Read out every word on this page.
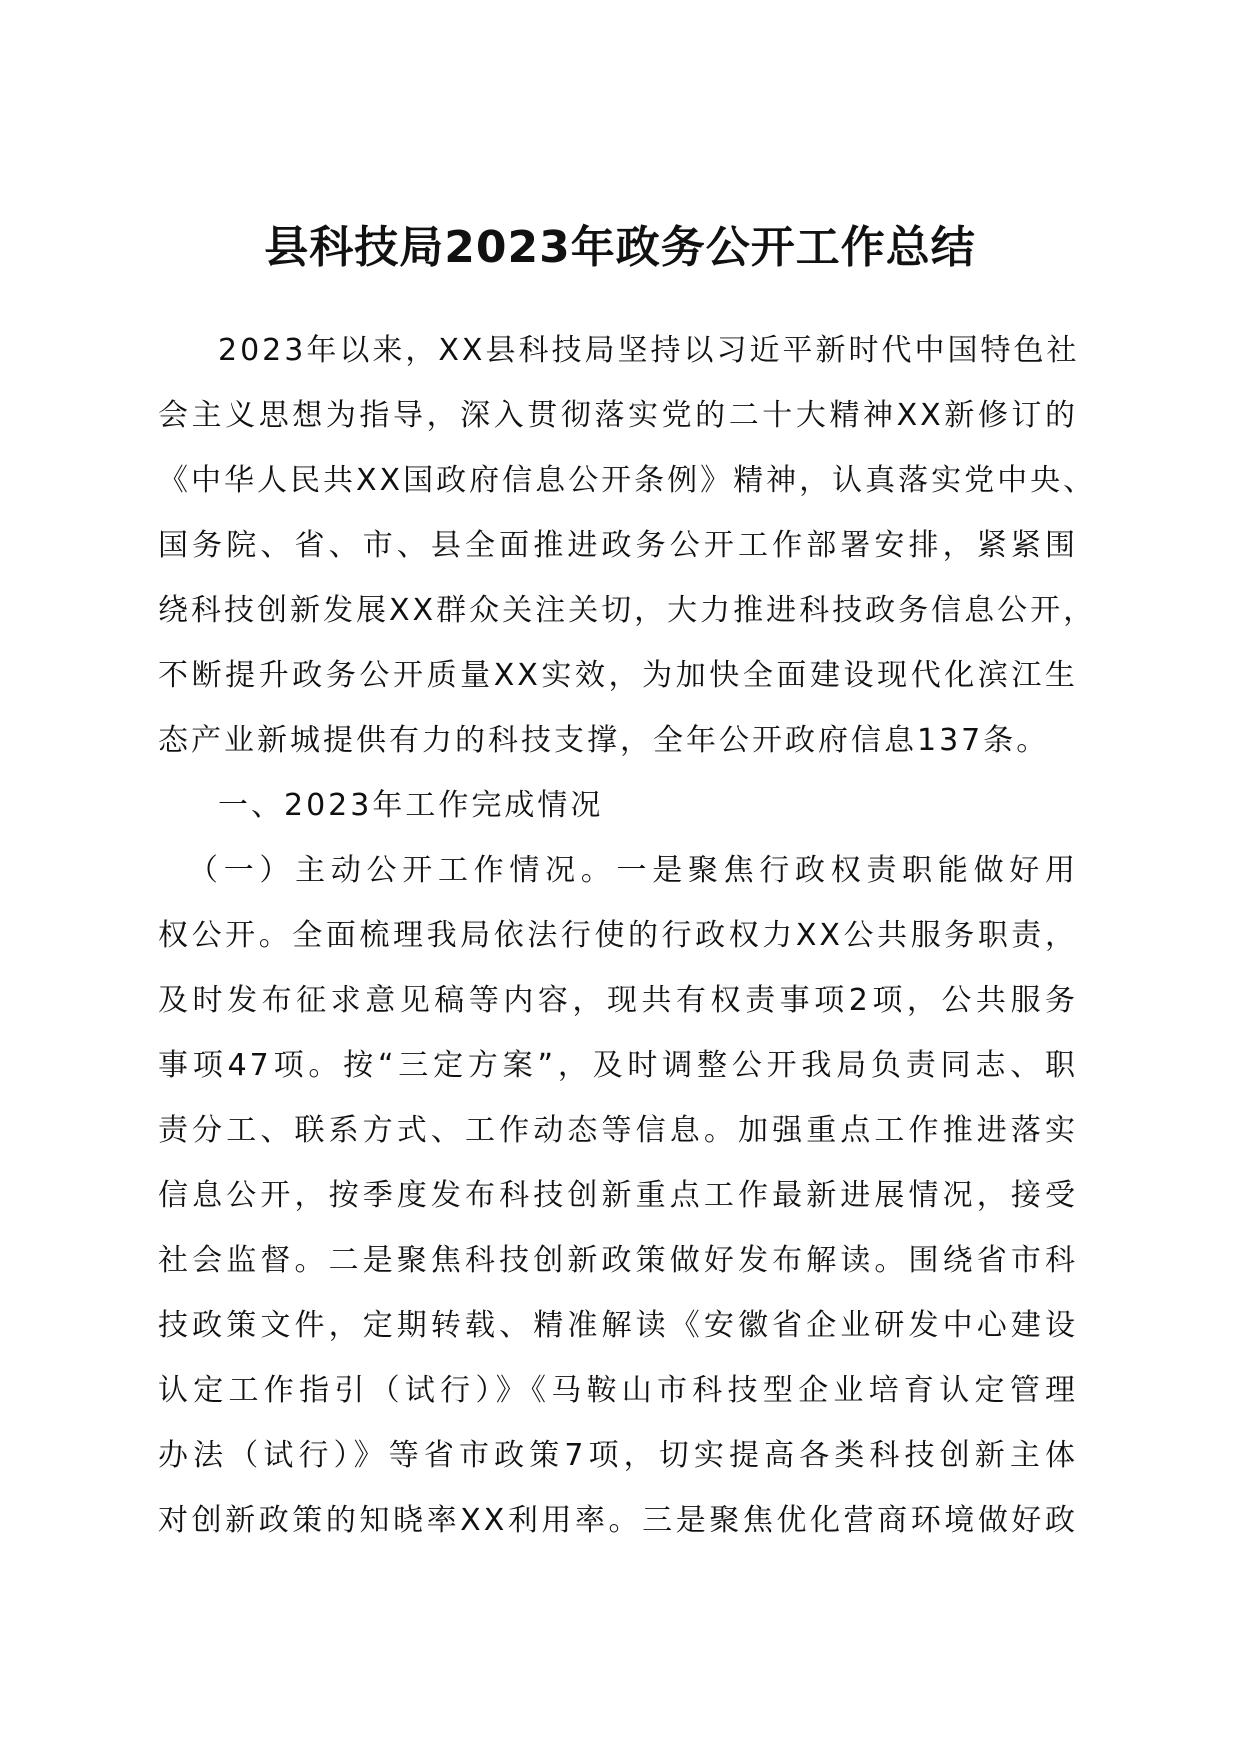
县科技局2023年政务公开工作总结
2023年以来，XX县科技局坚持以习近平新时代中国特色社
会主义思想为指导，深入贯彻落实党的二十大精神XX新修订的
《中华人民共XX国政府信息公开条例》精神，认真落实党中央、
国务院、省、市、县全面推进政务公开工作部署安排，紧紧围
绕科技创新发展XX群众关注关切，大力推进科技政务信息公开，
不断提升政务公开质量XX实效，为加快全面建设现代化滨江生
态产业新城提供有力的科技支撑，全年公开政府信息137条。
一、2023年工作完成情况
（一）主动公开工作情况。一是聚焦行政权责职能做好用
权公开。全面梳理我局依法行使的行政权力XX公共服务职责，
及时发布征求意见稿等内容，现共有权责事项2项，公共服务
事项47项。按“三定方案”，及时调整公开我局负责同志、职
责分工、联系方式、工作动态等信息。加强重点工作推进落实
信息公开，按季度发布科技创新重点工作最新进展情况，接受
社会监督。二是聚焦科技创新政策做好发布解读。围绕省市科
技政策文件，定期转载、精准解读《安徽省企业研发中心建设
认定工作指引（试行）》《马鞍山市科技型企业培育认定管理
办法（试行）》等省市政策7项，切实提高各类科技创新主体
对创新政策的知晓率XX利用率。三是聚焦优化营商环境做好政
